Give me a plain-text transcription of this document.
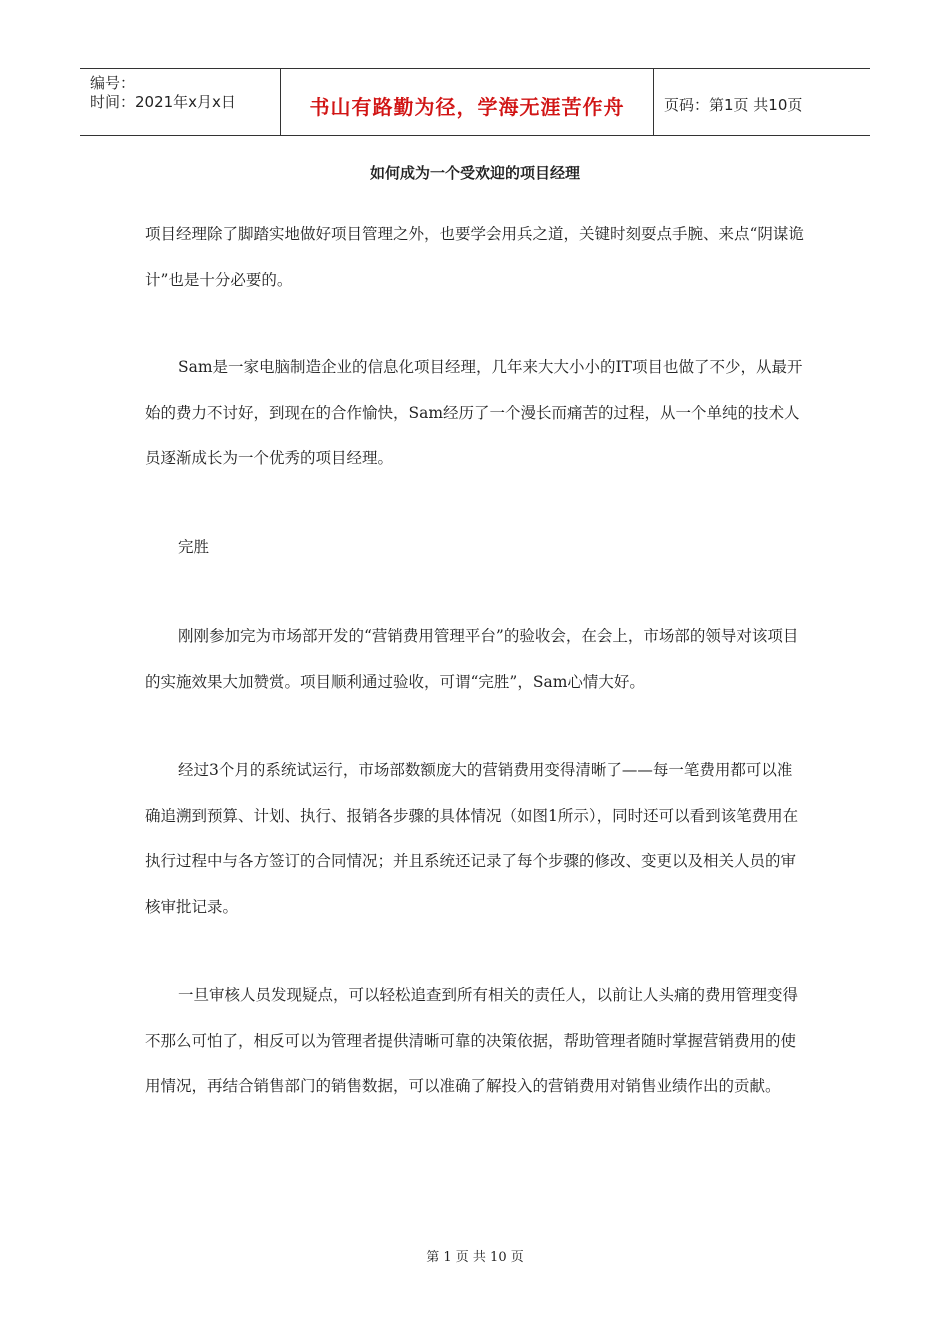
编号：
时间：2021年x月x日	书山有路勤为径，学海无涯苦作舟	页码：第1页 共10页
如何成为一个受欢迎的项目经理

项目经理除了脚踏实地做好项目管理之外，也要学会用兵之道，关键时刻耍点手腕、来点“阴谋诡计”也是十分必要的。

Sam是一家电脑制造企业的信息化项目经理，几年来大大小小的IT项目也做了不少，从最开始的费力不讨好，到现在的合作愉快，Sam经历了一个漫长而痛苦的过程，从一个单纯的技术人员逐渐成长为一个优秀的项目经理。

完胜

刚刚参加完为市场部开发的“营销费用管理平台”的验收会，在会上，市场部的领导对该项目的实施效果大加赞赏。项目顺利通过验收，可谓“完胜”，Sam心情大好。

经过3个月的系统试运行，市场部数额庞大的营销费用变得清晰了——每一笔费用都可以准确追溯到预算、计划、执行、报销各步骤的具体情况（如图1所示），同时还可以看到该笔费用在执行过程中与各方签订的合同情况；并且系统还记录了每个步骤的修改、变更以及相关人员的审核审批记录。

一旦审核人员发现疑点，可以轻松追查到所有相关的责任人，以前让人头痛的费用管理变得不那么可怕了，相反可以为管理者提供清晰可靠的决策依据，帮助管理者随时掌握营销费用的使用情况，再结合销售部门的销售数据，可以准确了解投入的营销费用对销售业绩作出的贡献。

第 1 页 共 10 页
